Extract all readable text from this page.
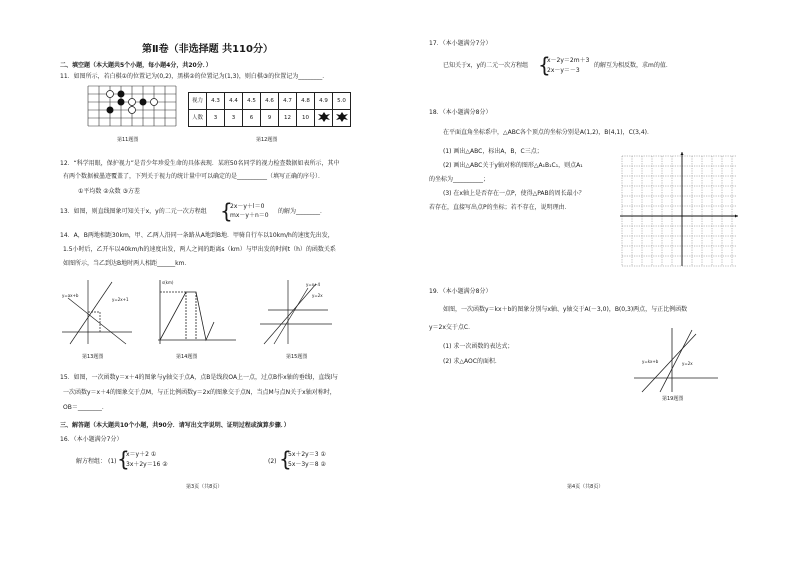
第Ⅱ卷（非选择题 共110分）
二、填空题（本大题共5个小题，每小题4分，共20分．）
11．如图所示，若白棋①的位置记为(0,2)，黑棋②的位置记为(1,3)，则白棋③的位置记为________．
第11题图
视力	4.3	4.4	4.5	4.6	4.7	4.8	4.9	5.0
人数	3	3	6	9	12	10		
第12题图
12．“科学用眼，保护视力”是青少年珍爱生命的具体表现．某班50名同学的视力检查数据如表所示，其中
有两个数据被墨迹覆盖了，下列关于视力的统计量中可以确定的是__________（填写正确的序号）．
①平均数 ②众数 ③方差
13．如图，则直线图象可知关于x，y的二元一次方程组 {
2x－y＋l＝0
mx－y＋n＝0
的解为________．
14．A，B两地相距30km，甲、乙两人沿同一条路从A地到B地．甲骑自行车以10km/h的速度先出发，
1.5小时后，乙开车以40km/h的速度出发，两人之间的距离s（km）与甲出发的时间t（h）的函数关系
如图所示，当乙到达B地时两人相距______km．
y=ax+b
y=2x+1
s(km)	y=x+4
y=2x
第13题图	第14题图	第15题图
15．如图，一次函数y＝x＋4的图象与y轴交于点A，点B是线段OA上一点，过点B作x轴的垂线l，直线l与
一次函数y＝x＋4的图象交于点M，与正比例函数y＝2x的图象交于点N，当点M与点N关于x轴对称时，
OB＝________．
三、解答题（本大题共10个小题，共90分．请写出文字说明、证明过程或演算步骤．）
16．（本小题满分7分）
解方程组： (1) {
x＝y＋2 ①
3x＋2y＝16 ②	(2) {
5x＋2y＝3 ①
5x－3y＝8 ②
第3页（共8页）
17．（本小题满分7分）
已知关于x，y的二元一次方程组 {
x－2y＝2m＋3
2x－y＝－3
的解互为相反数，求m的值．
18．（本小题满分8分）
在平面直角坐标系中，△ABC各个顶点的坐标分别是A(1,2)，B(4,1)，C(3,4)．
(1) 画出△ABC，标出A，B，C三点；
(2) 画出△ABC关于y轴对称的图形△A₁B₁C₁，则点A₁
的坐标为__________；
(3) 在x轴上是否存在一点P，使得△PAB的周长最小？
若存在，直接写出点P的坐标；若不存在，说明理由．
19．（本小题满分8分）
如图，一次函数y＝kx＋b的图象分别与x轴、y轴交于A(－3,0)，B(0,3)两点，与正比例函数
y＝2x交于点C．
(1) 求一次函数的表达式；
(2) 求△AOC的面积．	y=kx+b	y=2x
第19题图
第4页（共8页）
